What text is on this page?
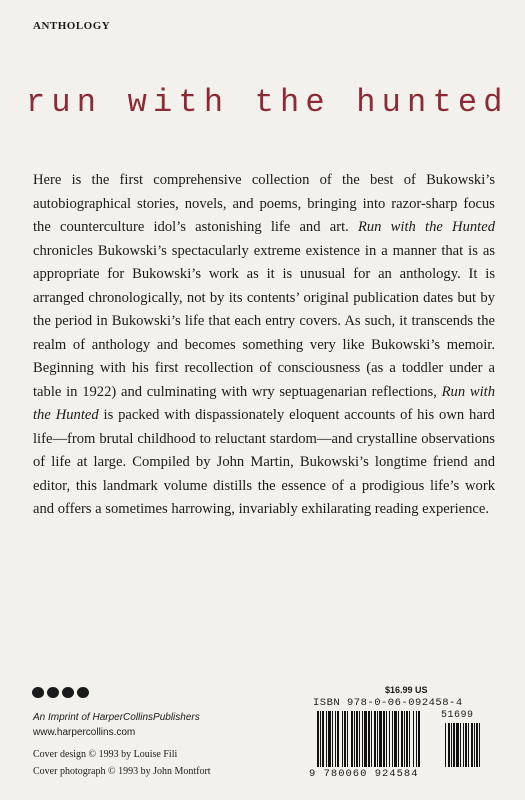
ANTHOLOGY
run with the hunted
Here is the first comprehensive collection of the best of Bukowski’s autobiographical stories, novels, and poems, bringing into razor-sharp focus the counterculture idol’s astonishing life and art. Run with the Hunted chronicles Bukowski’s spectacularly extreme existence in a manner that is as appropriate for Bukowski’s work as it is unusual for an anthology. It is arranged chronologically, not by its contents’ original publication dates but by the period in Bukowski’s life that each entry covers. As such, it transcends the realm of anthology and becomes something very like Bukowski’s memoir. Beginning with his first recollection of consciousness (as a toddler under a table in 1922) and culminating with wry septuagenarian reflections, Run with the Hunted is packed with dispassionately eloquent accounts of his own hard life—from brutal childhood to reluctant stardom—and crystalline observations of life at large. Compiled by John Martin, Bukowski’s longtime friend and editor, this landmark volume distills the essence of a prodigious life’s work and offers a sometimes harrowing, invariably exhilarating reading experience.
An Imprint of HarperCollinsPublishers
www.harpercollins.com
Cover design © 1993 by Louise Fili
Cover photograph © 1993 by John Montfort
$16.99 US
ISBN 978-0-06-092458-4
51699
9 780060 924584
